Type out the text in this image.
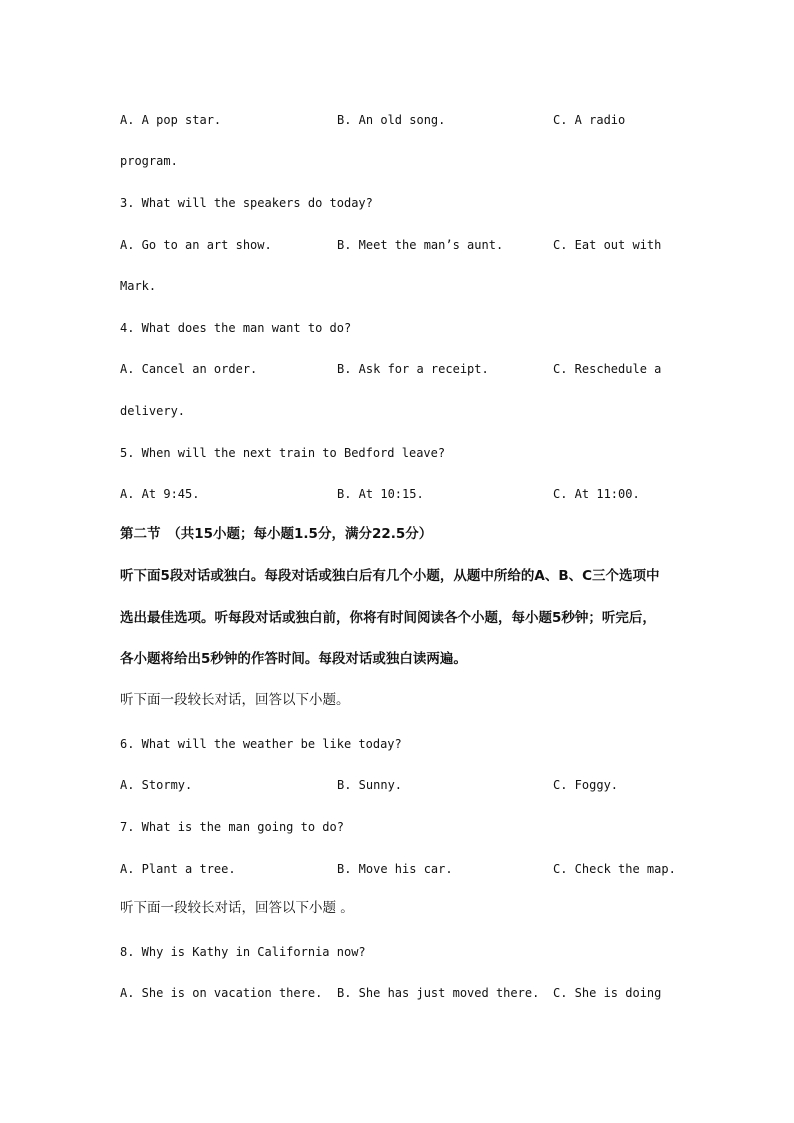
A. A pop star.	B. An old song.	C. A radio
program.
3. What will the speakers do today?
A. Go to an art show.	B. Meet the man’s aunt.	C. Eat out with
Mark.
4. What does the man want to do?
A. Cancel an order.	B. Ask for a receipt.	C. Reschedule a
delivery.
5. When will the next train to Bedford leave?
A. At 9:45.	B. At 10:15.	C. At 11:00.
第二节　（共15小题；每小题1.5分，满分22.5分）
听下面5段对话或独白。每段对话或独白后有几个小题，从题中所给的A、B、C三个选项中
选出最佳选项。听每段对话或独白前，你将有时间阅读各个小题，每小题5秒钟；听完后，
各小题将给出5秒钟的作答时间。每段对话或独白读两遍。
听下面一段较长对话，回答以下小题。
6. What will the weather be like today?
A. Stormy.	B. Sunny.	C. Foggy.
7. What is the man going to do?
A. Plant a tree.	B. Move his car.	C. Check the map.
听下面一段较长对话，回答以下小题 。
8. Why is Kathy in California now?
A. She is on vacation there. B. She has just moved there. C. She is doing
